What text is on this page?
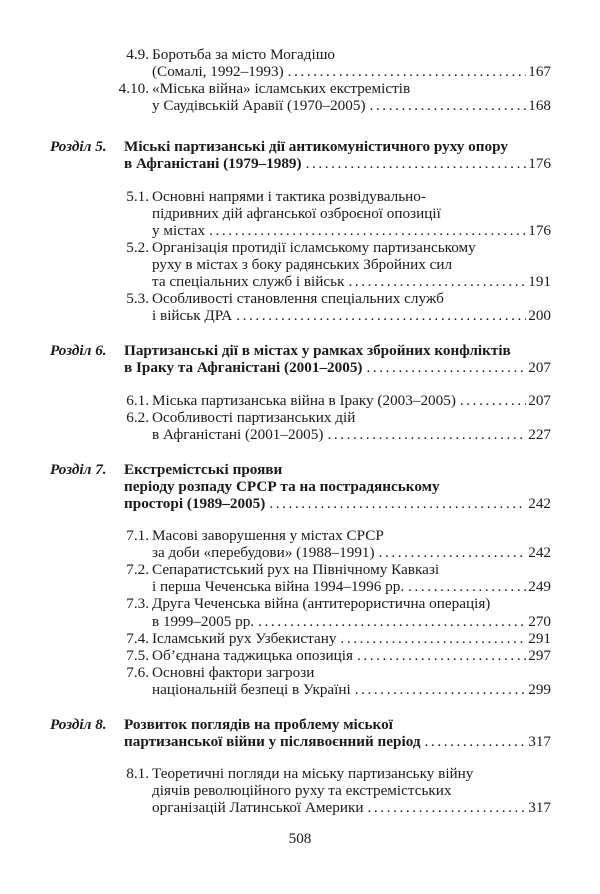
4.9. Боротьба за місто Могадішо
(Сомалі, 1992–1993) . . .	167
4.10. «Міська війна» ісламських екстремістів
у Саудівській Аравії (1970–2005) . . .	168
Розділ 5. Міські партизанські дії антикомуністичного руху опору
в Афганістані (1979–1989) . . .	176
5.1. Основні напрями і тактика розвідувально-
підривних дій афганської озброєної опозиції
у містах . . .	176
5.2. Організація протидії ісламському партизанському
руху в містах з боку радянських Збройних сил
та спеціальних служб і військ . . .	191
5.3. Особливості становлення спеціальних служб
і військ ДРА . . .	200
Розділ 6. Партизанські дії в містах у рамках збройних конфліктів
в Іраку та Афганістані (2001–2005) . . .	207
6.1. Міська партизанська війна в Іраку (2003–2005) . . .	207
6.2. Особливості партизанських дій
в Афганістані (2001–2005) . . .	227
Розділ 7. Екстремістські прояви
періоду розпаду СРСР та на пострадянському
просторі (1989–2005) . . .	242
7.1. Масові заворушення у містах СРСР
за доби «перебудови» (1988–1991) . . .	242
7.2. Сепаратистський рух на Північному Кавказі
і перша Чеченська війна 1994–1996 рр. . . .	249
7.3. Друга Чеченська війна (антитерористична операція)
в 1999–2005 рр. . . .	270
7.4. Ісламський рух Узбекистану . . .	291
7.5. Об’єднана таджицька опозиція . . .	297
7.6. Основні фактори загрози
національній безпеці в Україні . . .	299
Розділ 8. Розвиток поглядів на проблему міської
партизанської війни у післявоєнний період . . .	317
8.1. Теоретичні погляди на міську партизанську війну
діячів революційного руху та екстремістських
організацій Латинської Америки . . .	317
508
